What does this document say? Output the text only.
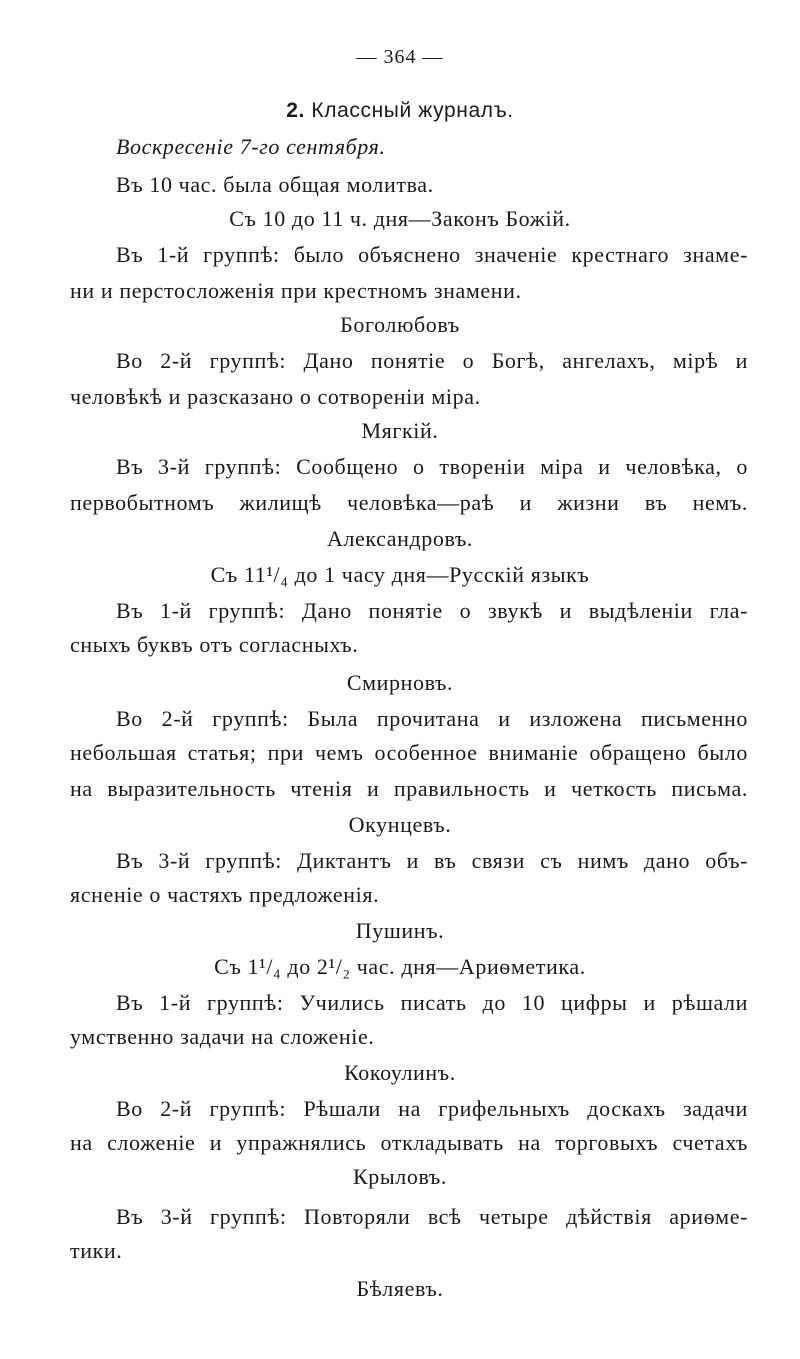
— 364 —
2. Классный журналъ.
Воскресеніе 7-го сентября.
Въ 10 час. была общая молитва.
Съ 10 до 11 ч. дня—Законъ Божій.
Въ 1-й группѣ: было объяснено значеніе крестнаго знаме-
ни и перстосложенія при крестномъ знамени.
Боголюбовъ
Во 2-й группѣ: Дано понятіе о Богѣ, ангелахъ, мірѣ и
человѣкѣ и разсказано о сотвореніи міра.
Мягкій.
Въ 3-й группѣ: Сообщено о твореніи міра и человѣка, о
первобытномъ жилищѣ человѣка—раѣ и жизни въ немъ.
Александровъ.
Съ 11¹/₄ до 1 часу дня—Русскій языкъ
Въ 1-й группѣ: Дано понятіе о звукѣ и выдѣленіи гла-
сныхъ буквъ отъ согласныхъ.
Смирновъ.
Во 2-й группѣ: Была прочитана и изложена письменно
небольшая статья; при чемъ особенное вниманіе обращено было
на выразительность чтенія и правильность и четкость письма.
Окунцевъ.
Въ 3-й группѣ: Диктантъ и въ связи съ нимъ дано объ-
ясненіе о частяхъ предложенія.
Пушинъ.
Съ 1¹/₄ до 2¹/₂ час. дня—Ариѳметика.
Въ 1-й группѣ: Учились писать до 10 цифры и рѣшали
умственно задачи на сложеніе.
Кокоулинъ.
Во 2-й группѣ: Рѣшали на грифельныхъ доскахъ задачи
на сложеніе и упражнялись откладывать на торговыхъ счетахъ
Крыловъ.
Въ 3-й группѣ: Повторяли всѣ четыре дѣйствія ариѳме-
тики.
Бѣляевъ.
